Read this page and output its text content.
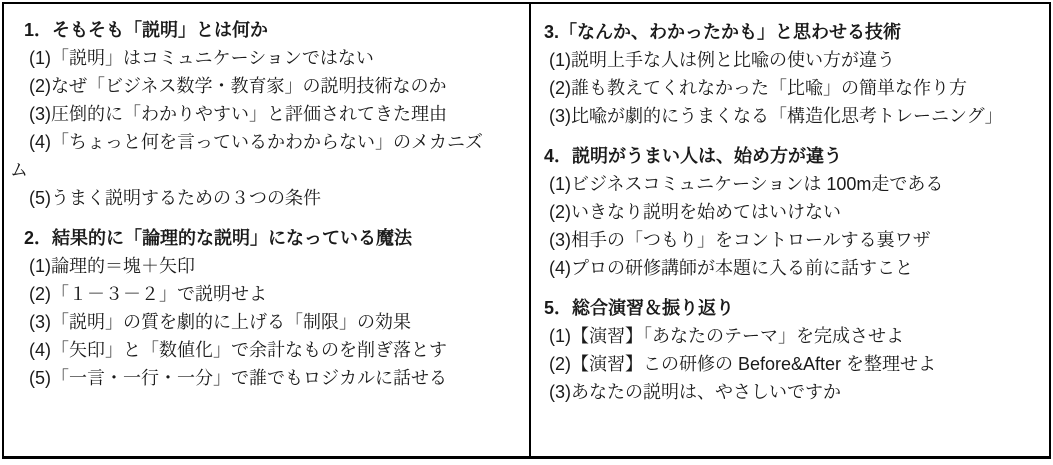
1．そもそも「説明」とは何か
(1)「説明」はコミュニケーションではない
(2)なぜ「ビジネス数学・教育家」の説明技術なのか
(3)圧倒的に「わかりやすい」と評価されてきた理由
(4)「ちょっと何を言っているかわからない」のメカニズム
(5)うまく説明するための３つの条件
2．結果的に「論理的な説明」になっている魔法
(1)論理的＝塊＋矢印
(2)「１－３－２」で説明せよ
(3)「説明」の質を劇的に上げる「制限」の効果
(4)「矢印」と「数値化」で余計なものを削ぎ落とす
(5)「一言・一行・一分」で誰でもロジカルに話せる
3.「なんか、わかったかも」と思わせる技術
(1)説明上手な人は例と比喩の使い方が違う
(2)誰も教えてくれなかった「比喩」の簡単な作り方
(3)比喩が劇的にうまくなる「構造化思考トレーニング」
4．説明がうまい人は、始め方が違う
(1)ビジネスコミュニケーションは 100m走である
(2)いきなり説明を始めてはいけない
(3)相手の「つもり」をコントロールする裏ワザ
(4)プロの研修講師が本題に入る前に話すこと
5．総合演習＆振り返り
(1)【演習】「あなたのテーマ」を完成させよ
(2)【演習】この研修の Before&After を整理せよ
(3)あなたの説明は、やさしいですか
